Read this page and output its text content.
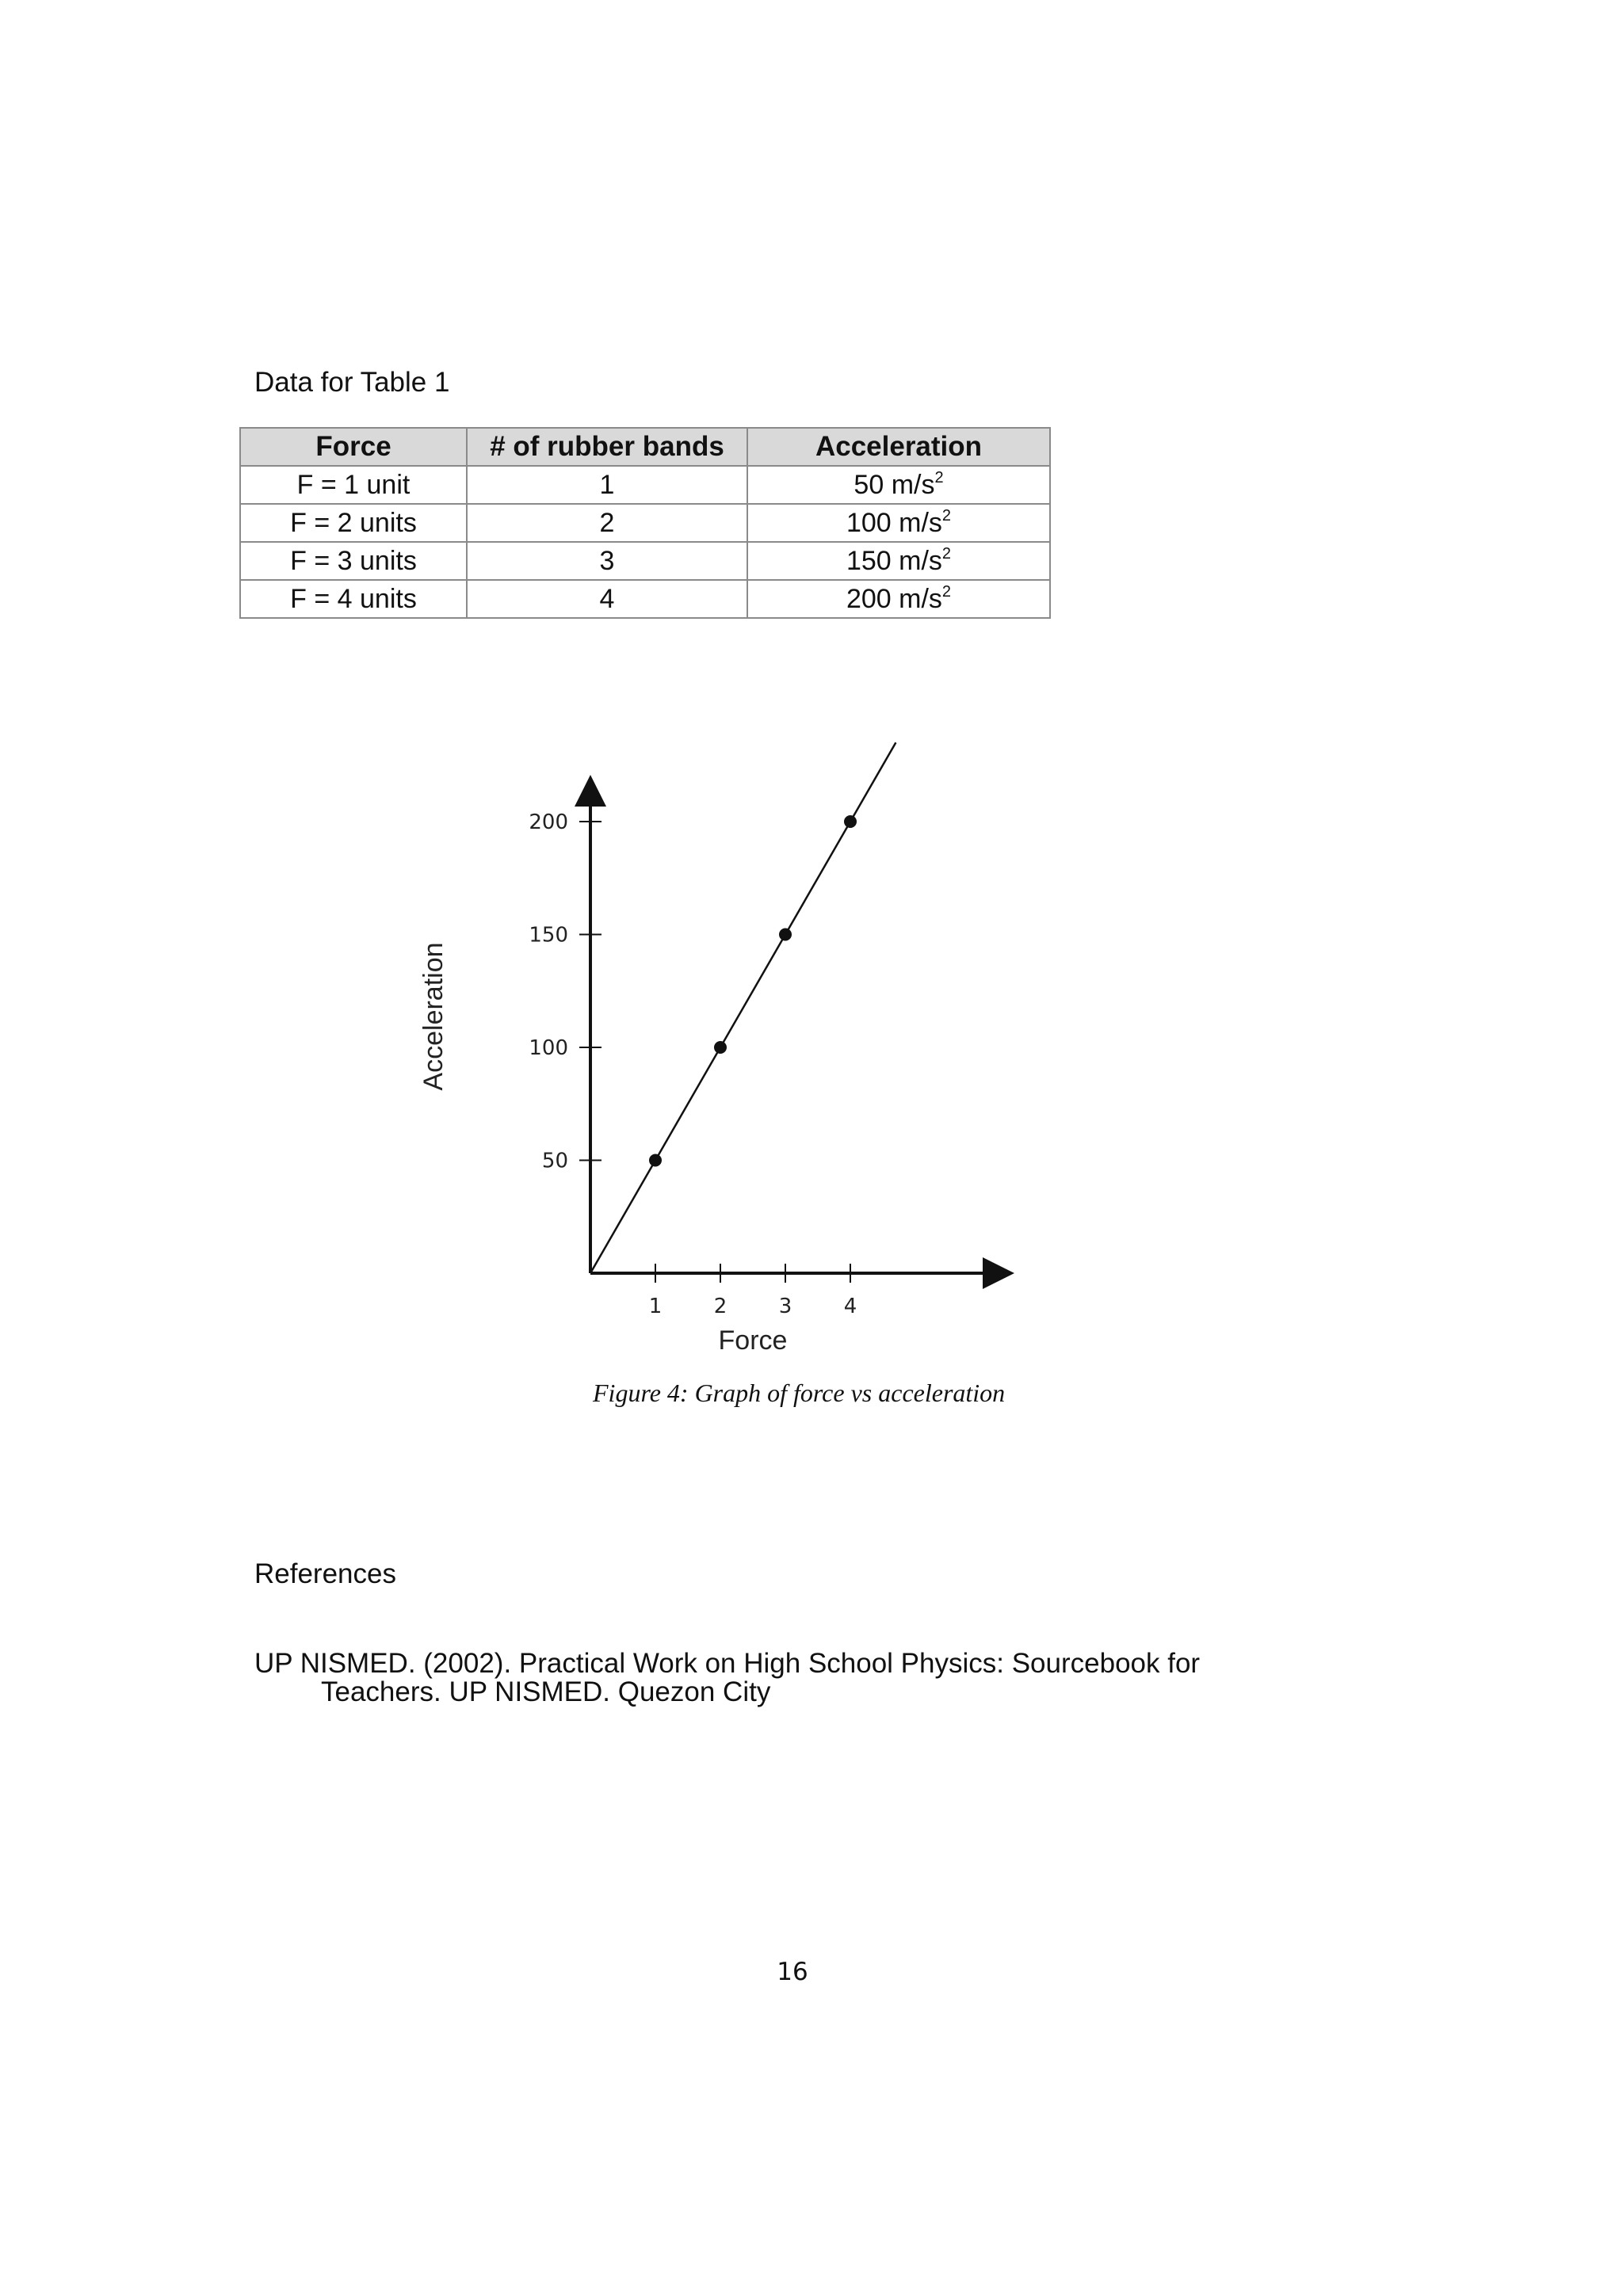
Data for Table 1
Force	# of rubber bands	Acceleration
F = 1 unit	1	50 $m/s^2$
F = 2 units	2	100 $m/s^2$
F = 3 units	3	150 $m/s^2$
F = 4 units	4	200 $m/s^2$
1	2	3	4
50
100
150
200
Force
Acceleration
Figure 4: Graph of force vs acceleration
References
UP NISMED. (2002). Practical Work on High School Physics: Sourcebook for
Teachers. UP NISMED. Quezon City
16
